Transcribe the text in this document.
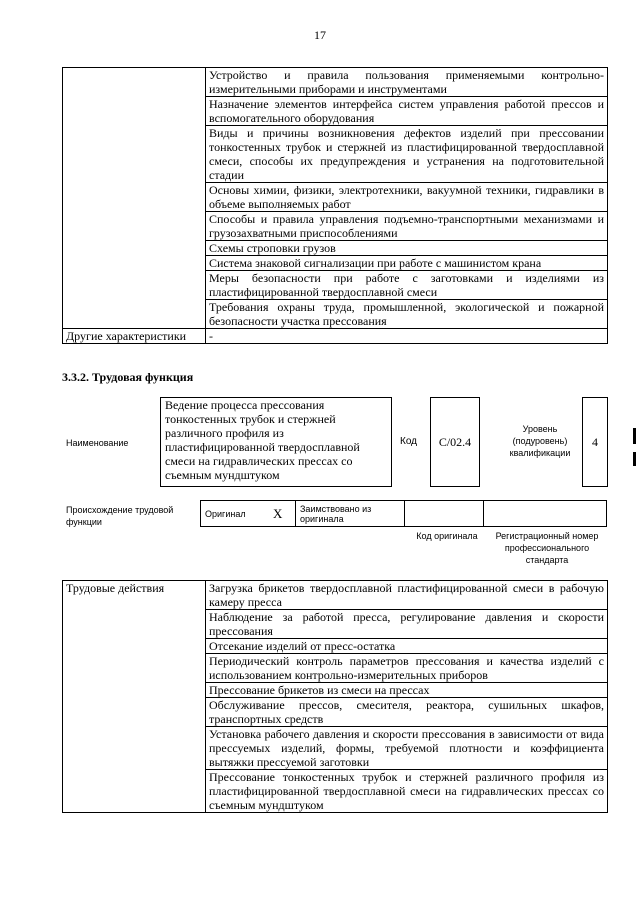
17
	Устройство и правила пользования применяемыми контрольно-измерительными приборами и инструментами
	Назначение элементов интерфейса систем управления работой прессов и вспомогательного оборудования
	Виды и причины возникновения дефектов изделий при прессовании тонкостенных трубок и стержней из пластифицированной твердосплавной смеси, способы их предупреждения и устранения на подготовительной стадии
	Основы химии, физики, электротехники, вакуумной техники, гидравлики в объеме выполняемых работ
	Способы и правила управления подъемно-транспортными механизмами и грузозахватными приспособлениями
	Схемы строповки грузов
	Система знаковой сигнализации при работе с машинистом крана
	Меры безопасности при работе с заготовками и изделиями из пластифицированной твердосплавной смеси
	Требования охраны труда, промышленной, экологической и пожарной безопасности участка прессования
Другие характеристики	-
3.3.2. Трудовая функция
Наименование
Ведение процесса прессования тонкостенных трубок и стержней различного профиля из пластифицированной твердосплавной смеси на гидравлических прессах со съемным мундштуком
Код	C/02.4
Уровень (подуровень) квалификации
4
Происхождение трудовой функции
Оригинал	X	Заимствовано из оригинала		
Код оригинала	Регистрационный номер профессионального стандарта
Трудовые действия	Загрузка брикетов твердосплавной пластифицированной смеси в рабочую камеру пресса
Наблюдение за работой пресса, регулирование давления и скорости прессования
Отсекание изделий от пресс-остатка
Периодический контроль параметров прессования и качества изделий с использованием контрольно-измерительных приборов
Прессование брикетов из смеси на прессах
Обслуживание прессов, смесителя, реактора, сушильных шкафов, транспортных средств
Установка рабочего давления и скорости прессования в зависимости от вида прессуемых изделий, формы, требуемой плотности и коэффициента вытяжки прессуемой заготовки
Прессование тонкостенных трубок и стержней различного профиля из пластифицированной твердосплавной смеси на гидравлических прессах со съемным мундштуком
